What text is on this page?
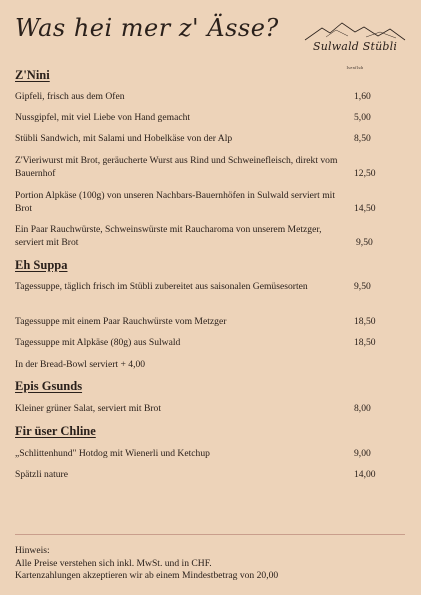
Was hei mer z' Ässe?
Sulwald Stübli
Isenfluh
Z'Nini
Gipfeli, frisch aus dem Ofen	1,60
Nussgipfel, mit viel Liebe von Hand gemacht	5,00
Stübli Sandwich, mit Salami und Hobelkäse von der Alp	8,50
Z'Vieriwurst mit Brot, geräucherte Wurst aus Rind und Schweinefleisch, direkt vom Bauernhof	12,50
Portion Alpkäse (100g) von unseren Nachbars-Bauernhöfen in Sulwald serviert mit Brot	14,50
Ein Paar Rauchwürste, Schweinswürste mit Raucharoma von unserem Metzger, serviert mit Brot	9,50
Eh Suppa
Tagessuppe, täglich frisch im Stübli zubereitet aus saisonalen Gemüsesorten	9,50
Tagessuppe mit einem Paar Rauchwürste vom Metzger	18,50
Tagessuppe mit Alpkäse (80g) aus Sulwald	18,50
In der Bread-Bowl serviert + 4,00
Epis Gsunds
Kleiner grüner Salat, serviert mit Brot	8,00
Fir üser Chline
„Schlittenhund" Hotdog mit Wienerli und Ketchup	9,00
Spätzli nature	14,00
Hinweis:
Alle Preise verstehen sich inkl. MwSt. und in CHF.
Kartenzahlungen akzeptieren wir ab einem Mindestbetrag von 20,00
